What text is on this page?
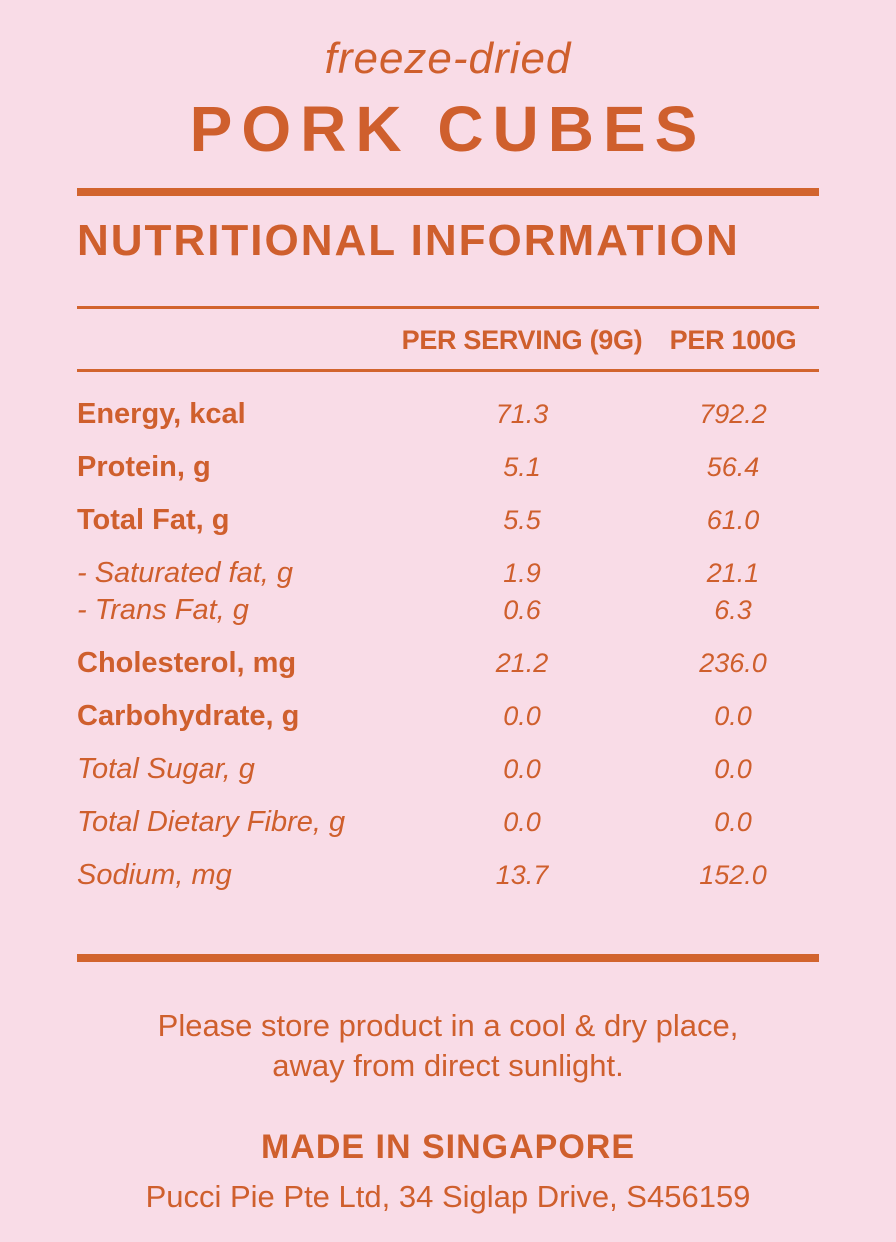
freeze-dried
PORK CUBES
NUTRITIONAL INFORMATION
PER SERVING (9G)	PER 100G
Energy, kcal	71.3	792.2
Protein, g	5.1	56.4
Total Fat, g	5.5	61.0
- Saturated fat, g	1.9	21.1
- Trans Fat, g	0.6	6.3
Cholesterol, mg	21.2	236.0
Carbohydrate, g	0.0	0.0
Total Sugar, g	0.0	0.0
Total Dietary Fibre, g	0.0	0.0
Sodium, mg	13.7	152.0
Please store product in a cool & dry place,
away from direct sunlight.
MADE IN SINGAPORE
Pucci Pie Pte Ltd, 34 Siglap Drive, S456159
